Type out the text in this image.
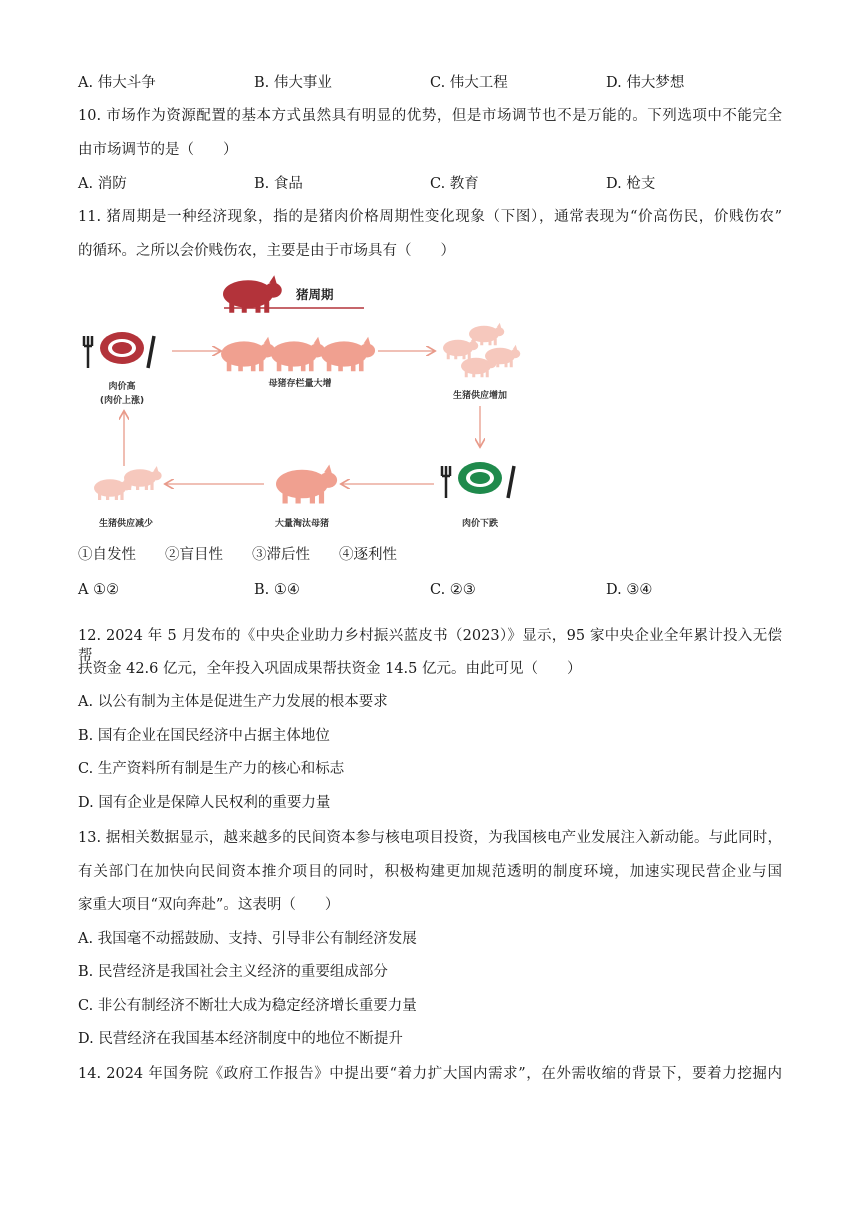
A. 伟大斗争	B. 伟大事业	C. 伟大工程	D. 伟大梦想
10. 市场作为资源配置的基本方式虽然具有明显的优势，但是市场调节也不是万能的。下列选项中不能完全
由市场调节的是（　　）
A. 消防	B. 食品	C. 教育	D. 枪支
11. 猪周期是一种经济现象，指的是猪肉价格周期性变化现象（下图），通常表现为“价高伤民，价贱伤农”
的循环。之所以会价贱伤农，主要是由于市场具有（　　）
猪周期
肉价高
(肉价上涨)
母猪存栏量大增
生猪供应增加
肉价下跌
大量淘汰母猪
生猪供应减少
①自发性　　②盲目性　　③滞后性　　④逐利性
A ①②	B. ①④	C. ②③	D. ③④
12. 2024 年 5 月发布的《中央企业助力乡村振兴蓝皮书（2023）》显示，95 家中央企业全年累计投入无偿帮
扶资金 42.6 亿元，全年投入巩固成果帮扶资金 14.5 亿元。由此可见（　　）
A. 以公有制为主体是促进生产力发展的根本要求
B. 国有企业在国民经济中占据主体地位
C. 生产资料所有制是生产力的核心和标志
D. 国有企业是保障人民权利的重要力量
13. 据相关数据显示，越来越多的民间资本参与核电项目投资，为我国核电产业发展注入新动能。与此同时，
有关部门在加快向民间资本推介项目的同时，积极构建更加规范透明的制度环境，加速实现民营企业与国
家重大项目“双向奔赴”。这表明（　　）
A. 我国毫不动摇鼓励、支持、引导非公有制经济发展
B. 民营经济是我国社会主义经济的重要组成部分
C. 非公有制经济不断壮大成为稳定经济增长重要力量
D. 民营经济在我国基本经济制度中的地位不断提升
14. 2024 年国务院《政府工作报告》中提出要“着力扩大国内需求”，在外需收缩的背景下，要着力挖掘内
